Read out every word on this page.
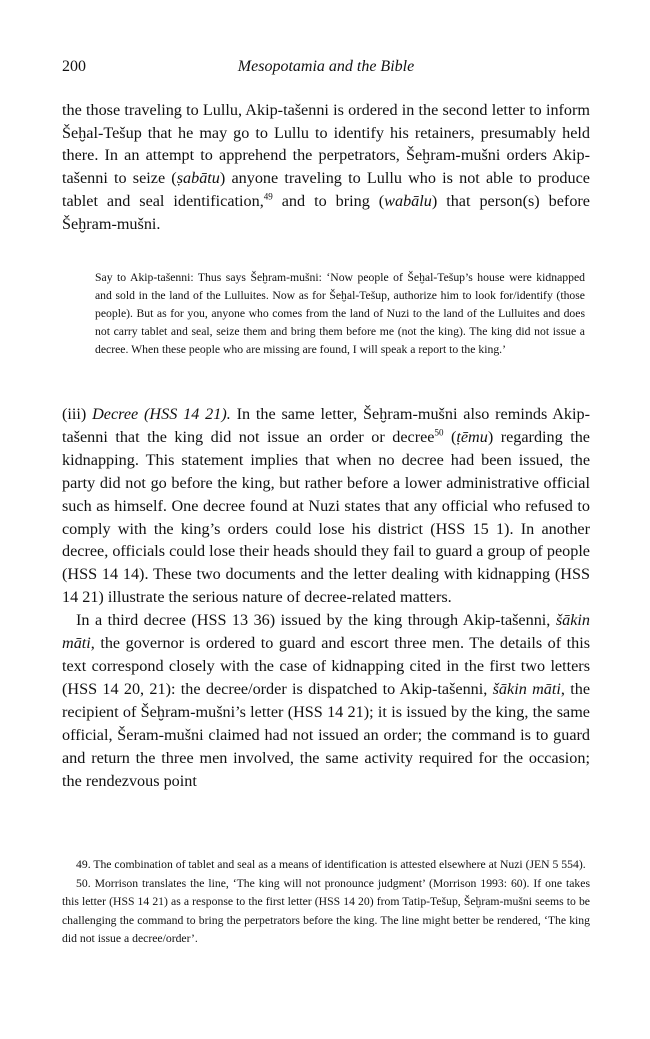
200	Mesopotamia and the Bible

the those traveling to Lullu, Akip-tašenni is ordered in the second letter to inform Šeḫal-Tešup that he may go to Lullu to identify his retainers, presumably held there. In an attempt to apprehend the perpetrators, Šeḫram-mušni orders Akip-tašenni to seize (ṣabātu) anyone traveling to Lullu who is not able to produce tablet and seal identification,$^{49}$ and to bring (wabālu) that person(s) before Šeḫram-mušni.

Say to Akip-tašenni: Thus says Šeḫram-mušni: ‘Now people of Šeḫal-Tešup’s house were kidnapped and sold in the land of the Lulluites. Now as for Šeḫal-Tešup, authorize him to look for/identify (those people). But as for you, anyone who comes from the land of Nuzi to the land of the Lulluites and does not carry tablet and seal, seize them and bring them before me (not the king). The king did not issue a decree. When these people who are missing are found, I will speak a report to the king.’

(iii) Decree (HSS 14 21). In the same letter, Šeḫram-mušni also reminds Akip-tašenni that the king did not issue an order or decree$^{50}$ (ṭēmu) regarding the kidnapping. This statement implies that when no decree had been issued, the party did not go before the king, but rather before a lower administrative official such as himself. One decree found at Nuzi states that any official who refused to comply with the king’s orders could lose his district (HSS 15 1). In another decree, officials could lose their heads should they fail to guard a group of people (HSS 14 14). These two documents and the letter dealing with kidnapping (HSS 14 21) illustrate the serious nature of decree-related matters.

In a third decree (HSS 13 36) issued by the king through Akip-tašenni, šākin māti, the governor is ordered to guard and escort three men. The details of this text correspond closely with the case of kidnapping cited in the first two letters (HSS 14 20, 21): the decree/order is dispatched to Akip-tašenni, šākin māti, the recipient of Šeḫram-mušni’s letter (HSS 14 21); it is issued by the king, the same official, Šeram-mušni claimed had not issued an order; the command is to guard and return the three men involved, the same activity required for the occasion; the rendezvous point

49. The combination of tablet and seal as a means of identification is attested elsewhere at Nuzi (JEN 5 554).

50. Morrison translates the line, ‘The king will not pronounce judgment’ (Morrison 1993: 60). If one takes this letter (HSS 14 21) as a response to the first letter (HSS 14 20) from Tatip-Tešup, Šeḫram-mušni seems to be challenging the command to bring the perpetrators before the king. The line might better be rendered, ‘The king did not issue a decree/order’.
